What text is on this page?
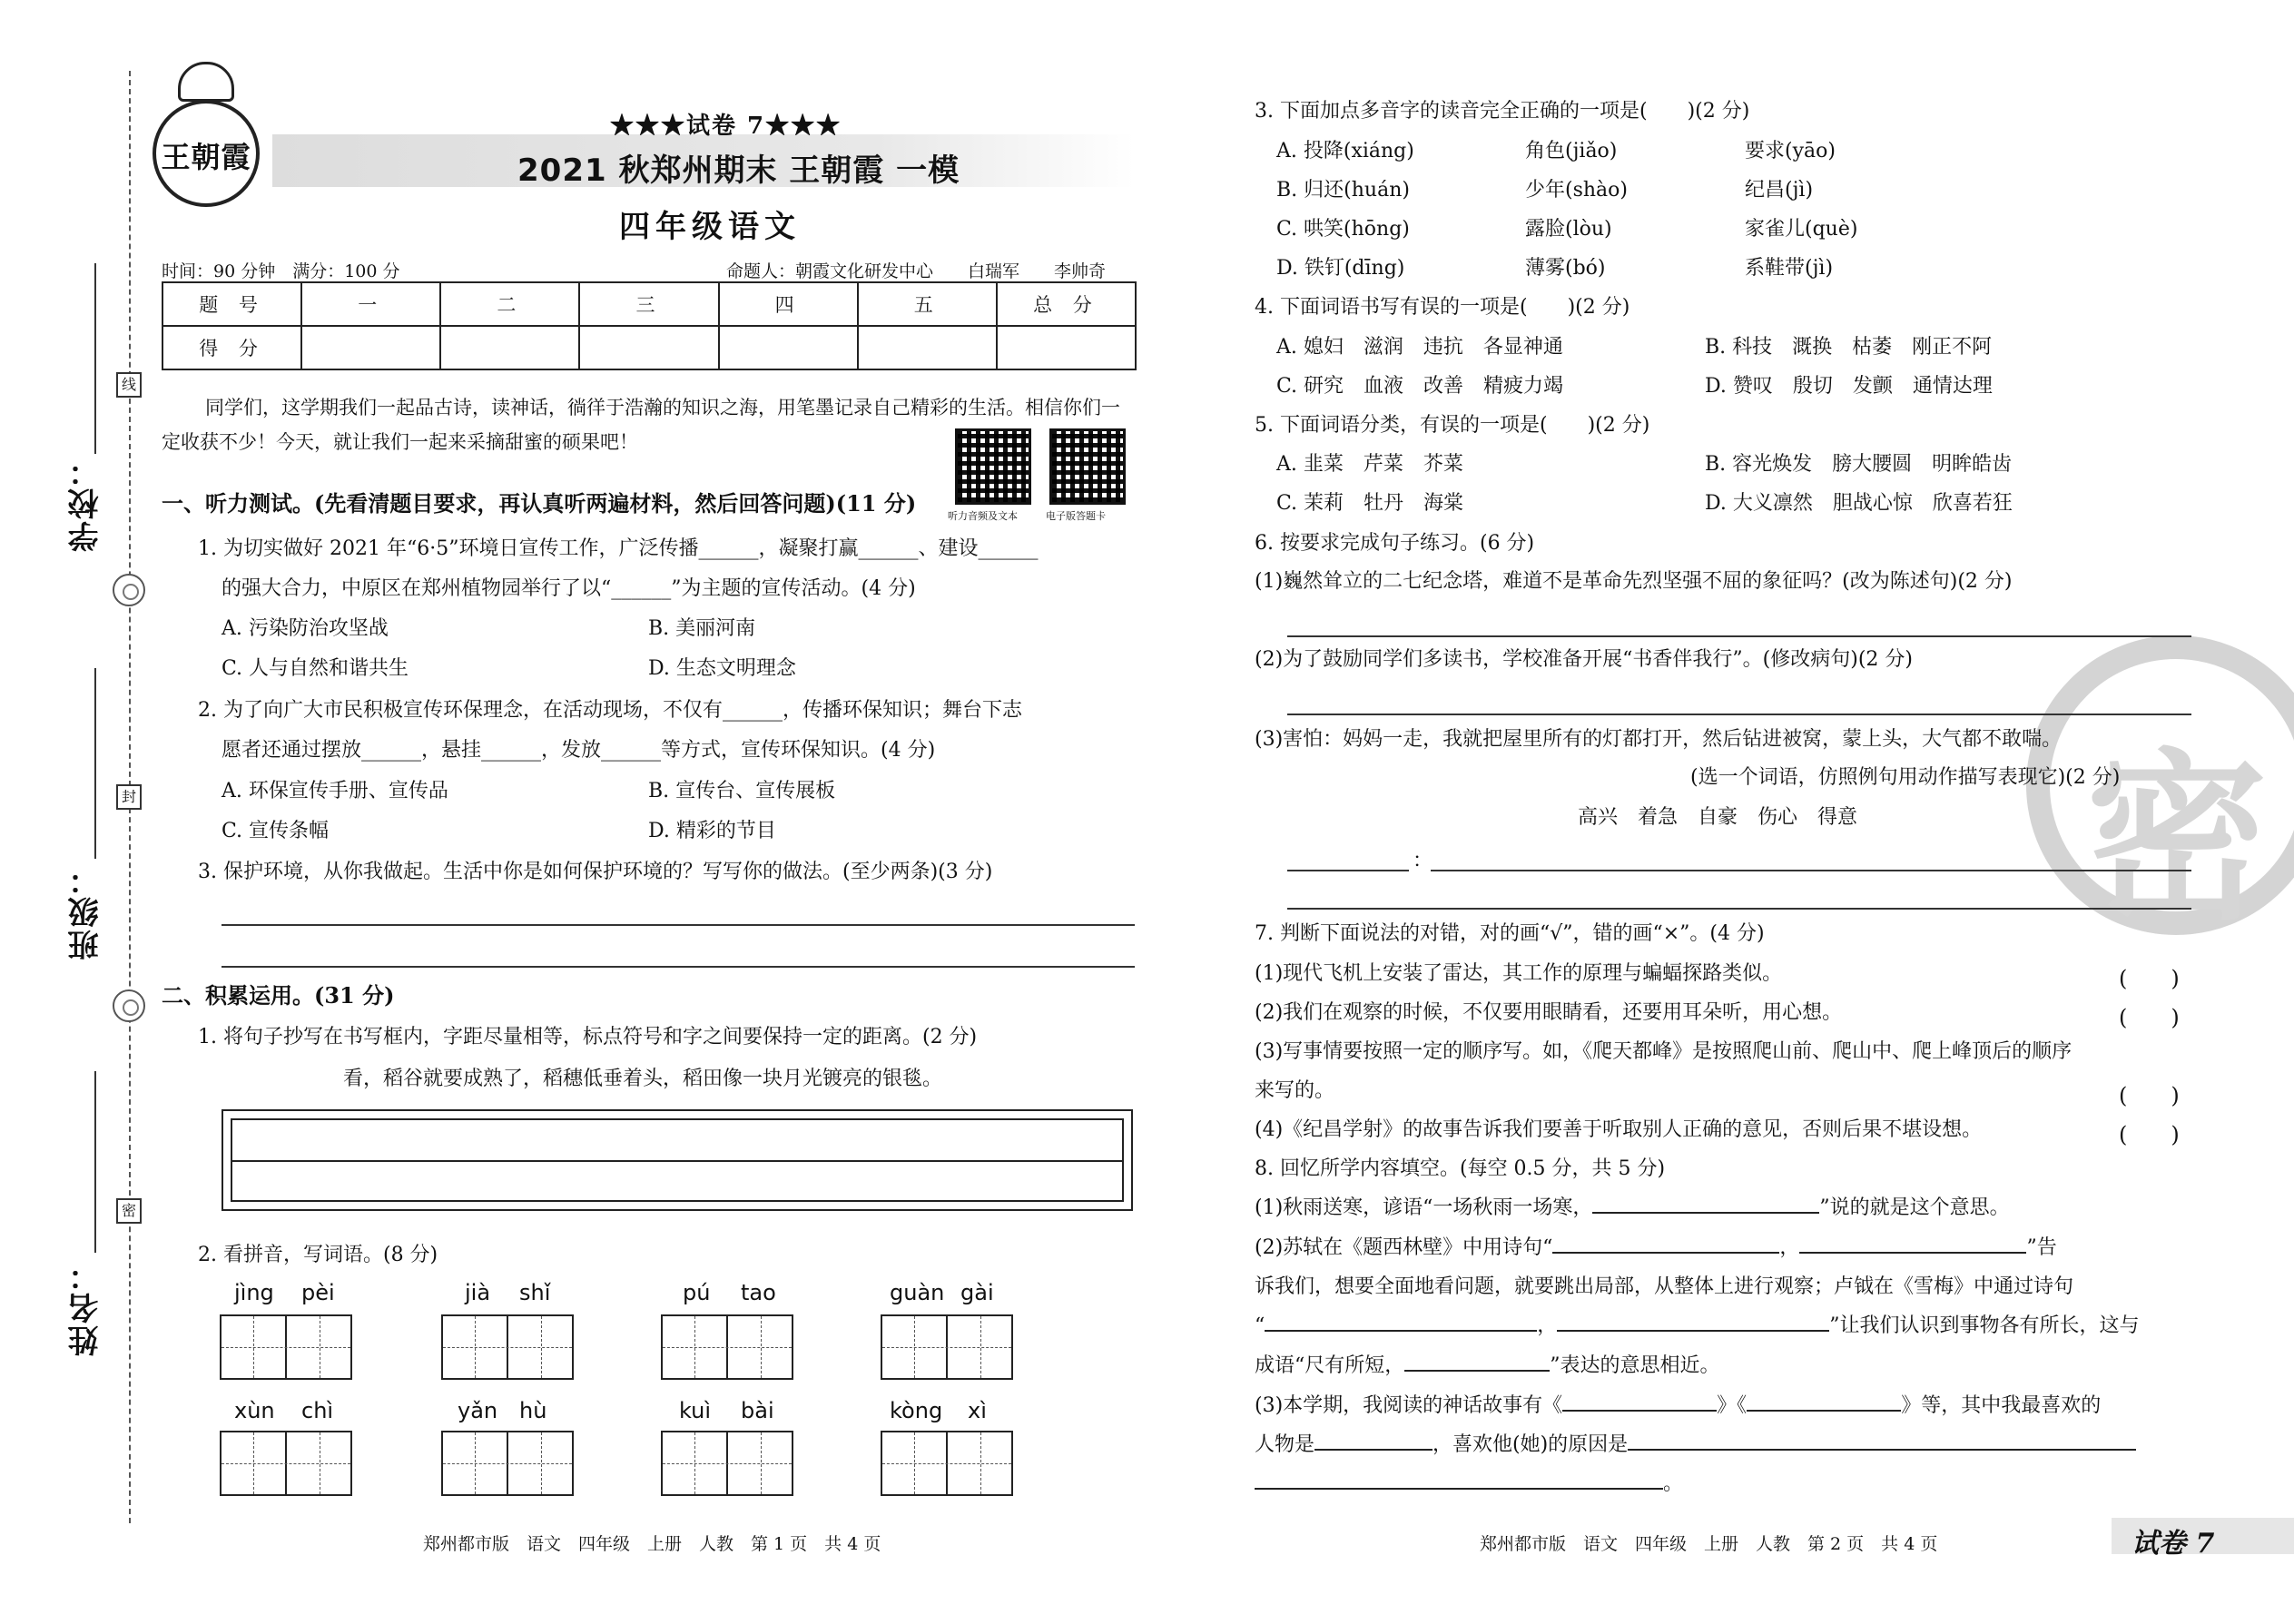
线
封
密
学校：
班级：
姓名：
王朝霞
★★★试卷 7★★★
2021 秋郑州期末 王朝霞 一模
四年级语文
时间：90 分钟　满分：100 分	命题人：朝霞文化研发中心　　白瑞军　　李帅奇
题 号	一	二	三	四	五	总 分
得 分						
同学们，这学期我们一起品古诗，读神话，徜徉于浩瀚的知识之海，用笔墨记录自己精彩的生活。相信你们一定收获不少！今天，就让我们一起来采摘甜蜜的硕果吧！
听力音频及文本	电子版答题卡
一、听力测试。(先看清题目要求，再认真听两遍材料，然后回答问题)(11 分)
1. 为切实做好 2021 年“6·5”环境日宣传工作，广泛传播______，凝聚打赢______、建设______
的强大合力，中原区在郑州植物园举行了以“______”为主题的宣传活动。(4 分)
A. 污染防治攻坚战	B. 美丽河南
C. 人与自然和谐共生	D. 生态文明理念
2. 为了向广大市民积极宣传环保理念，在活动现场，不仅有______，传播环保知识；舞台下志
愿者还通过摆放______，悬挂______，发放______等方式，宣传环保知识。(4 分)
A. 环保宣传手册、宣传品	B. 宣传台、宣传展板
C. 宣传条幅	D. 精彩的节目
3. 保护环境，从你我做起。生活中你是如何保护环境的？写写你的做法。(至少两条)(3 分)
二、积累运用。(31 分)
1. 将句子抄写在书写框内，字距尽量相等，标点符号和字之间要保持一定的距离。(2 分)
看，稻谷就要成熟了，稻穗低垂着头，稻田像一块月光镀亮的银毯。
2. 看拼音，写词语。(8 分)
jìng pèi	jià shǐ	pú tao	guàn gài
xùn chì	yǎn hù	kuì bài	kòng xì
郑州都市版　语文　四年级　上册　人教　第 1 页　共 4 页
密
3. 下面加点多音字的读音完全正确的一项是(　　)(2 分)
A. 投降(xiáng)	角色(jiǎo)	要求(yāo)
B. 归还(huán)	少年(shào)	纪昌(jì)
C. 哄笑(hōng)	露脸(lòu)	家雀儿(què)
D. 铁钉(dīng)	薄雾(bó)	系鞋带(jì)
4. 下面词语书写有误的一项是(　　)(2 分)
A. 媳妇　滋润　违抗　各显神通	B. 科技　溉换　枯萎　刚正不阿
C. 研究　血液　改善　精疲力竭	D. 赞叹　殷切　发颤　通情达理
5. 下面词语分类，有误的一项是(　　)(2 分)
A. 韭菜　芹菜　芥菜	B. 容光焕发　膀大腰圆　明眸皓齿
C. 茉莉　牡丹　海棠	D. 大义凛然　胆战心惊　欣喜若狂
6. 按要求完成句子练习。(6 分)
(1)巍然耸立的二七纪念塔，难道不是革命先烈坚强不屈的象征吗？(改为陈述句)(2 分)
(2)为了鼓励同学们多读书，学校准备开展“书香伴我行”。(修改病句)(2 分)
(3)害怕：妈妈一走，我就把屋里所有的灯都打开，然后钻进被窝，蒙上头，大气都不敢喘。
(选一个词语，仿照例句用动作描写表现它)(2 分)
高兴　着急　自豪　伤心　得意
：
7. 判断下面说法的对错，对的画“√”，错的画“×”。(4 分)
(1)现代飞机上安装了雷达，其工作的原理与蝙蝠探路类似。	(　　)
(2)我们在观察的时候，不仅要用眼睛看，还要用耳朵听，用心想。	(　　)
(3)写事情要按照一定的顺序写。如，《爬天都峰》是按照爬山前、爬山中、爬上峰顶后的顺序
来写的。	(　　)
(4)《纪昌学射》的故事告诉我们要善于听取别人正确的意见，否则后果不堪设想。	(　　)
8. 回忆所学内容填空。(每空 0.5 分，共 5 分)
(1)秋雨送寒，谚语“一场秋雨一场寒，	”说的就是这个意思。
(2)苏轼在《题西林壁》中用诗句“	，	”告
诉我们，想要全面地看问题，就要跳出局部，从整体上进行观察；卢钺在《雪梅》中通过诗句
“	，	”让我们认识到事物各有所长，这与
成语“尺有所短，	”表达的意思相近。
(3)本学期，我阅读的神话故事有《	》《	》等，其中我最喜欢的
人物是	，喜欢他(她)的原因是
。
郑州都市版　语文　四年级　上册　人教　第 2 页　共 4 页	试卷 7
